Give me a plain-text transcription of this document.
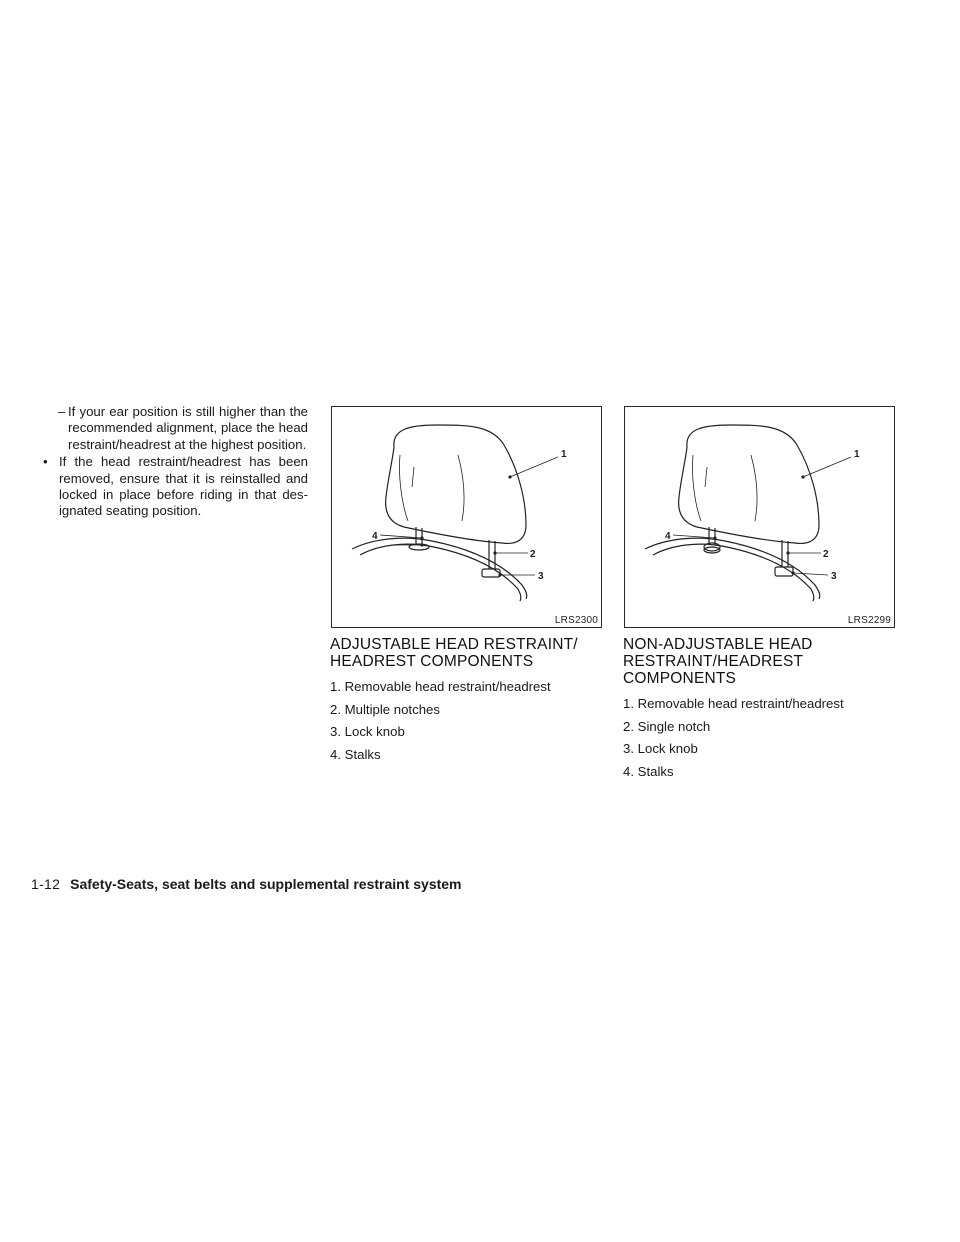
– If your ear position is still higher than the recommended alignment, place the head restraint/headrest at the highest position.
• If the head restraint/headrest has been removed, ensure that it is reinstalled and locked in place before riding in that des-ignated seating position.
1
2
3
4
LRS2300
1
2
3
4
LRS2299
ADJUSTABLE HEAD RESTRAINT/ HEADREST COMPONENTS
1. Removable head restraint/headrest
2. Multiple notches
3. Lock knob
4. Stalks
NON-ADJUSTABLE HEAD RESTRAINT/HEADREST COMPONENTS
1. Removable head restraint/headrest
2. Single notch
3. Lock knob
4. Stalks
1-12 Safety-Seats, seat belts and supplemental restraint system
